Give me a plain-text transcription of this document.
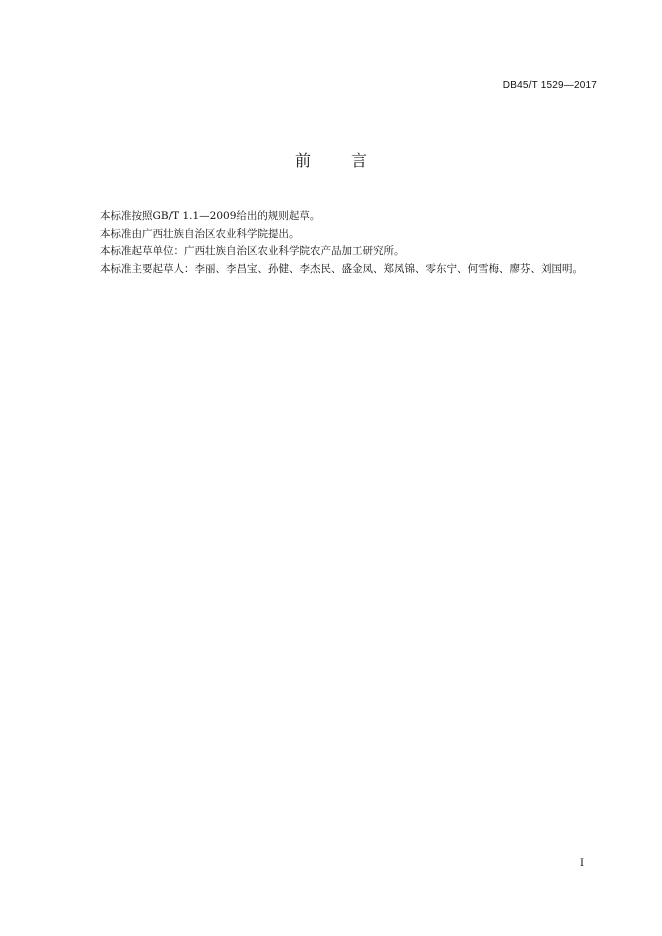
DB45/T 1529—2017
前	言

本标准按照GB/T 1.1—2009给出的规则起草。

本标准由广西壮族自治区农业科学院提出。

本标准起草单位：广西壮族自治区农业科学院农产品加工研究所。

本标准主要起草人：李丽、李昌宝、孙健、李杰民、盛金凤、郑凤锦、零东宁、何雪梅、廖芬、刘国明。

I
